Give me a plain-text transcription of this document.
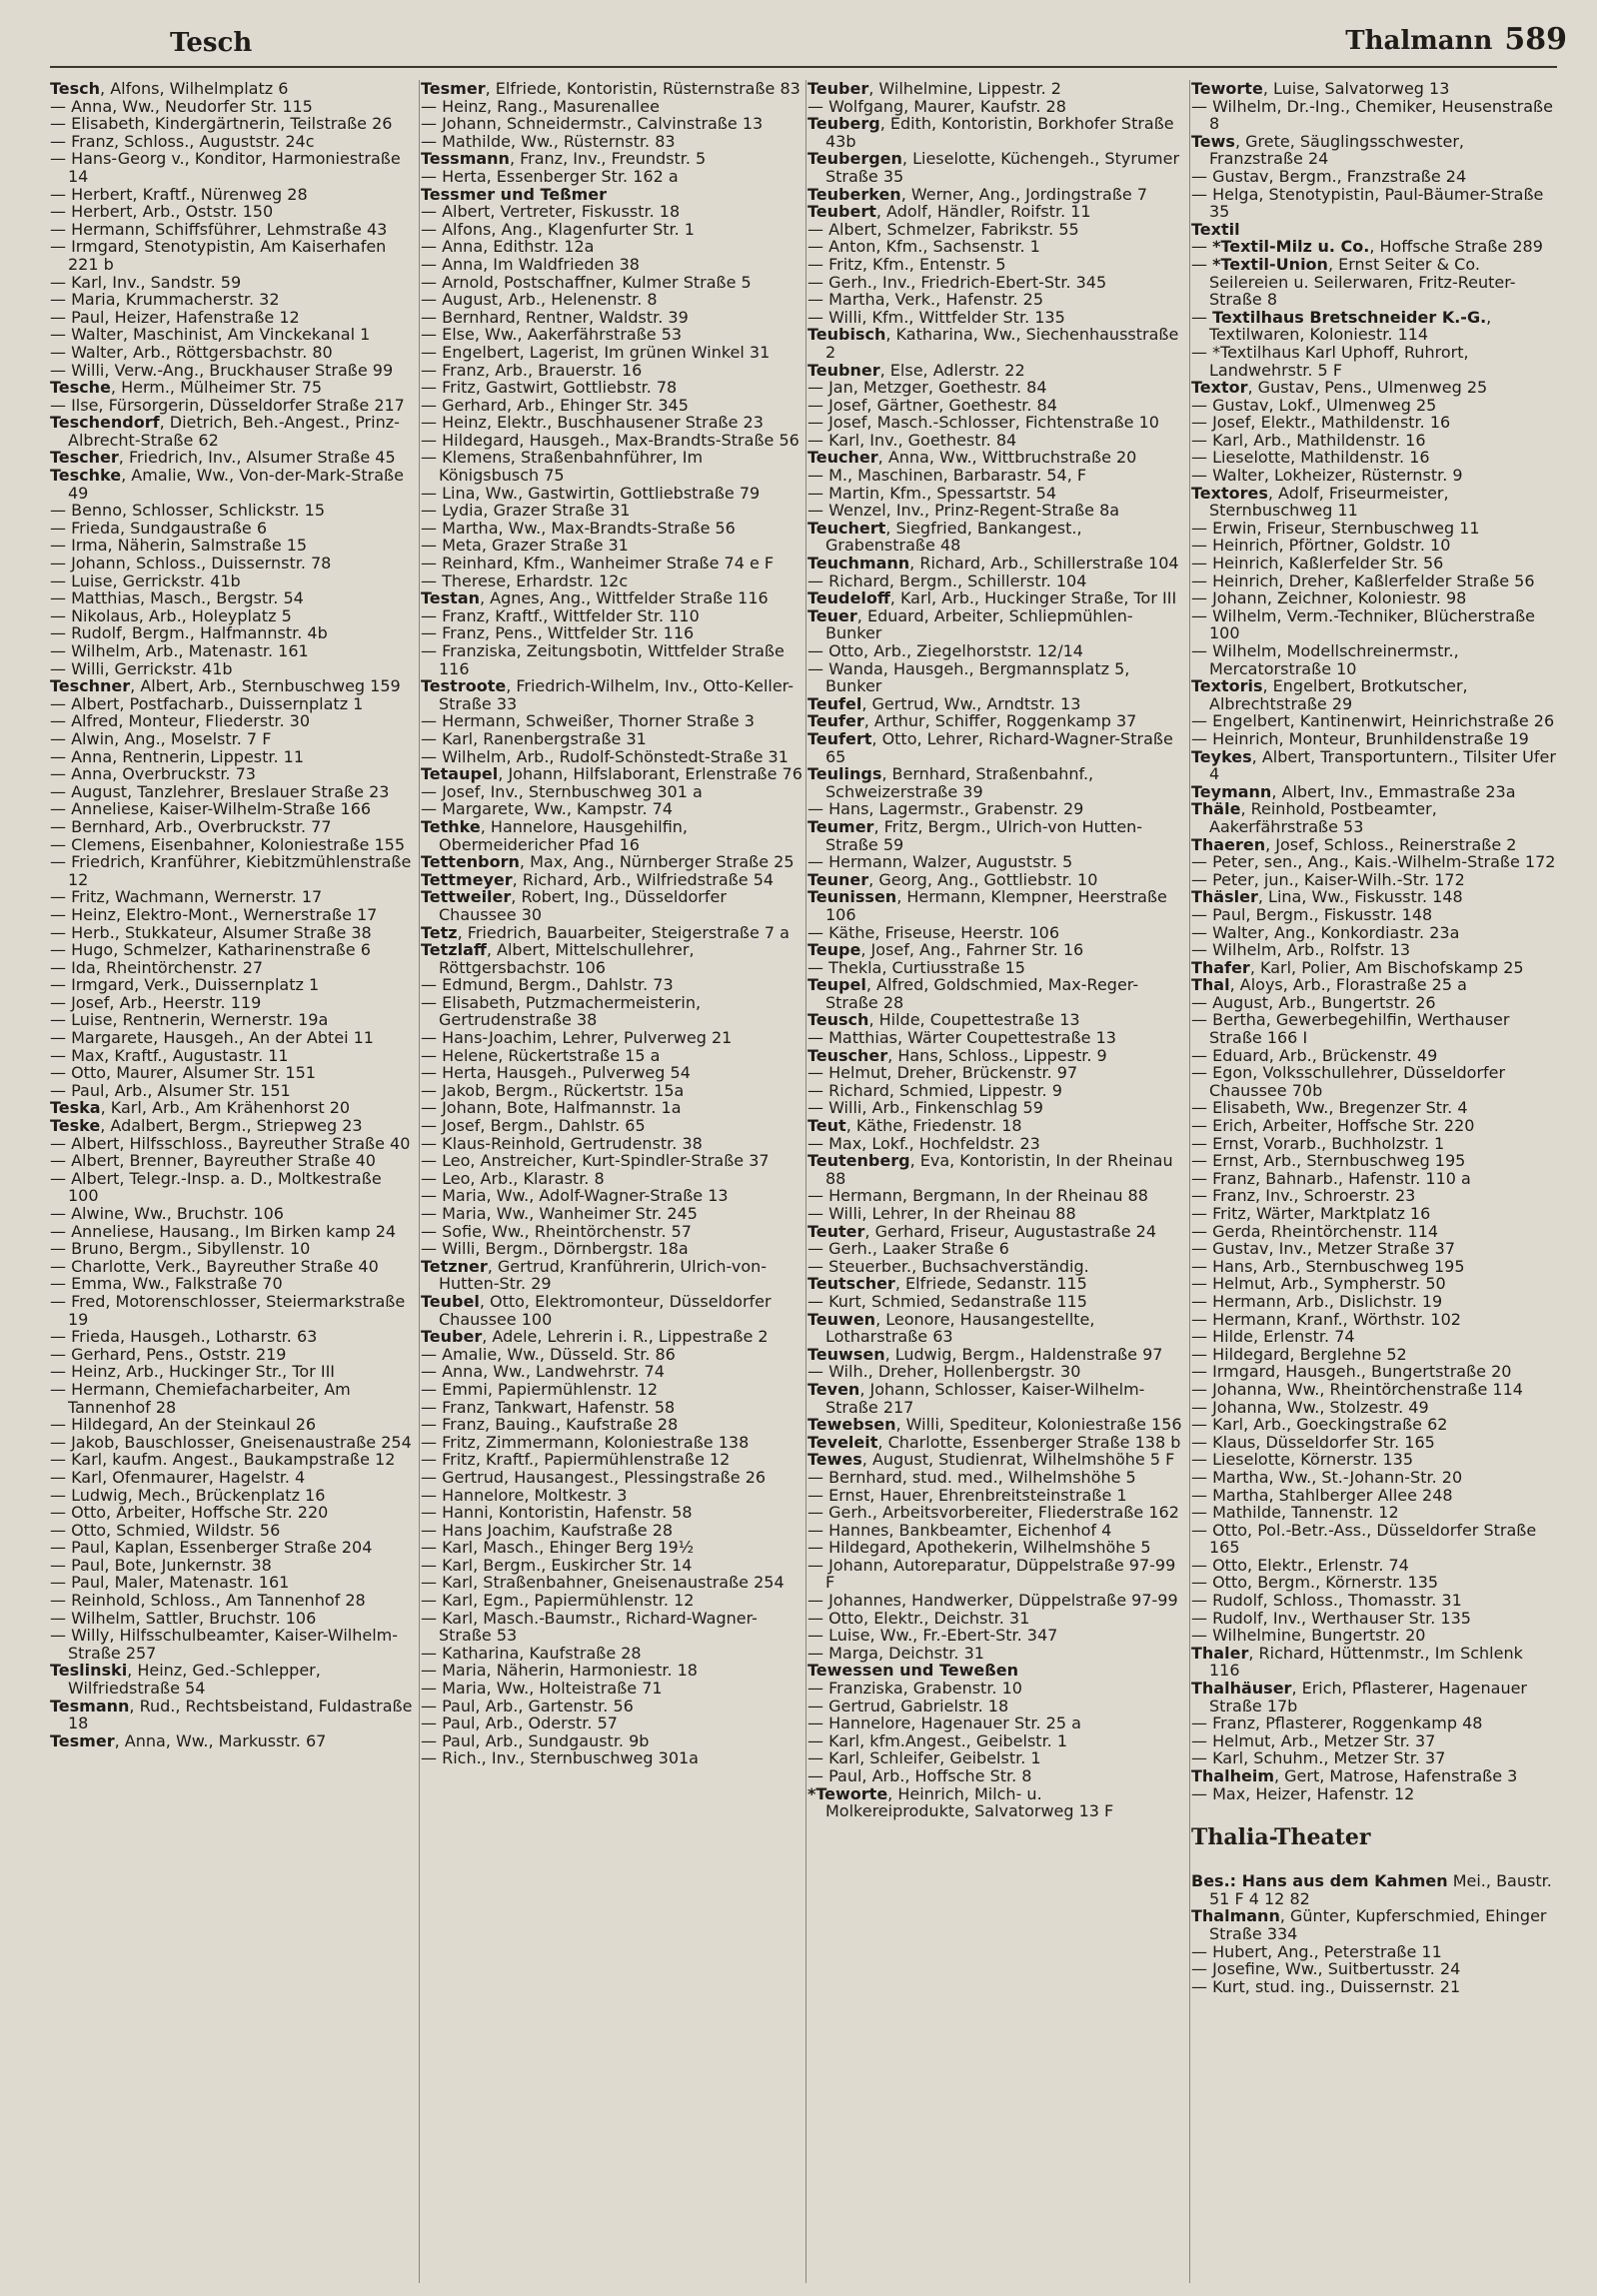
Tesch	Thalmann 589

Tesch, Alfons, Wilhelmplatz 6

— Anna, Ww., Neudorfer Str. 115

— Elisabeth, Kindergärtnerin, Teilstraße 26

— Franz, Schloss., Auguststr. 24c

— Hans-Georg v., Konditor, Harmoniestraße 14

— Herbert, Kraftf., Nürenweg 28

— Herbert, Arb., Oststr. 150

— Hermann, Schiffsführer, Lehmstraße 43

— Irmgard, Stenotypistin, Am Kaiserhafen 221 b

— Karl, Inv., Sandstr. 59

— Maria, Krummacherstr. 32

— Paul, Heizer, Hafenstraße 12

— Walter, Maschinist, Am Vinckekanal 1

— Walter, Arb., Röttgersbachstr. 80

— Willi, Verw.-Ang., Bruckhauser Straße 99

Tesche, Herm., Mülheimer Str. 75

— Ilse, Fürsorgerin, Düsseldorfer Straße 217

Teschendorf, Dietrich, Beh.-Angest., Prinz-Albrecht-Straße 62

Tescher, Friedrich, Inv., Alsumer Straße 45

Teschke, Amalie, Ww., Von-der-Mark-Straße 49

— Benno, Schlosser, Schlickstr. 15

— Frieda, Sundgaustraße 6

— Irma, Näherin, Salmstraße 15

— Johann, Schloss., Duissernstr. 78

— Luise, Gerrickstr. 41b

— Matthias, Masch., Bergstr. 54

— Nikolaus, Arb., Holeyplatz 5

— Rudolf, Bergm., Halfmannstr. 4b

— Wilhelm, Arb., Matenastr. 161

— Willi, Gerrickstr. 41b

Teschner, Albert, Arb., Sternbuschweg 159

— Albert, Postfacharb., Duissernplatz 1

— Alfred, Monteur, Fliederstr. 30

— Alwin, Ang., Moselstr. 7 F

— Anna, Rentnerin, Lippestr. 11

— Anna, Overbruckstr. 73

— August, Tanzlehrer, Breslauer Straße 23

— Anneliese, Kaiser-Wilhelm-Straße 166

— Bernhard, Arb., Overbruckstr. 77

— Clemens, Eisenbahner, Koloniestraße 155

— Friedrich, Kranführer, Kiebitzmühlenstraße 12

— Fritz, Wachmann, Wernerstr. 17

— Heinz, Elektro-Mont., Wernerstraße 17

— Herb., Stukkateur, Alsumer Straße 38

— Hugo, Schmelzer, Katharinenstraße 6

— Ida, Rheintörchenstr. 27

— Irmgard, Verk., Duissernplatz 1

— Josef, Arb., Heerstr. 119

— Luise, Rentnerin, Wernerstr. 19a

— Margarete, Hausgeh., An der Abtei 11

— Max, Kraftf., Augustastr. 11

— Otto, Maurer, Alsumer Str. 151

— Paul, Arb., Alsumer Str. 151

Teska, Karl, Arb., Am Krähenhorst 20

Teske, Adalbert, Bergm., Striepweg 23

— Albert, Hilfsschloss., Bayreuther Straße 40

— Albert, Brenner, Bayreuther Straße 40

— Albert, Telegr.-Insp. a. D., Moltkestraße 100

— Alwine, Ww., Bruchstr. 106

— Anneliese, Hausang., Im Birken kamp 24

— Bruno, Bergm., Sibyllenstr. 10

— Charlotte, Verk., Bayreuther Straße 40

— Emma, Ww., Falkstraße 70

— Fred, Motorenschlosser, Steiermarkstraße 19

— Frieda, Hausgeh., Lotharstr. 63

— Gerhard, Pens., Oststr. 219

— Heinz, Arb., Huckinger Str., Tor III

— Hermann, Chemiefacharbeiter, Am Tannenhof 28

— Hildegard, An der Steinkaul 26

— Jakob, Bauschlosser, Gneisenaustraße 254

— Karl, kaufm. Angest., Baukampstraße 12

— Karl, Ofenmaurer, Hagelstr. 4

— Ludwig, Mech., Brückenplatz 16

— Otto, Arbeiter, Hoffsche Str. 220

— Otto, Schmied, Wildstr. 56

— Paul, Kaplan, Essenberger Straße 204

— Paul, Bote, Junkernstr. 38

— Paul, Maler, Matenastr. 161

— Reinhold, Schloss., Am Tannenhof 28

— Wilhelm, Sattler, Bruchstr. 106

— Willy, Hilfsschulbeamter, Kaiser-Wilhelm-Straße 257

Teslinski, Heinz, Ged.-Schlepper, Wilfriedstraße 54

Tesmann, Rud., Rechtsbeistand, Fuldastraße 18

Tesmer, Anna, Ww., Markusstr. 67

Tesmer, Elfriede, Kontoristin, Rüsternstraße 83

— Heinz, Rang., Masurenallee

— Johann, Schneidermstr., Calvinstraße 13

— Mathilde, Ww., Rüsternstr. 83

Tessmann, Franz, Inv., Freundstr. 5

— Herta, Essenberger Str. 162 a

Tessmer und Teßmer

— Albert, Vertreter, Fiskusstr. 18

— Alfons, Ang., Klagenfurter Str. 1

— Anna, Edithstr. 12a

— Anna, Im Waldfrieden 38

— Arnold, Postschaffner, Kulmer Straße 5

— August, Arb., Helenenstr. 8

— Bernhard, Rentner, Waldstr. 39

— Else, Ww., Aakerfährstraße 53

— Engelbert, Lagerist, Im grünen Winkel 31

— Franz, Arb., Brauerstr. 16

— Fritz, Gastwirt, Gottliebstr. 78

— Gerhard, Arb., Ehinger Str. 345

— Heinz, Elektr., Buschhausener Straße 23

— Hildegard, Hausgeh., Max-Brandts-Straße 56

— Klemens, Straßenbahnführer, Im Königsbusch 75

— Lina, Ww., Gastwirtin, Gottliebstraße 79

— Lydia, Grazer Straße 31

— Martha, Ww., Max-Brandts-Straße 56

— Meta, Grazer Straße 31

— Reinhard, Kfm., Wanheimer Straße 74 e F

— Therese, Erhardstr. 12c

Testan, Agnes, Ang., Wittfelder Straße 116

— Franz, Kraftf., Wittfelder Str. 110

— Franz, Pens., Wittfelder Str. 116

— Franziska, Zeitungsbotin, Wittfelder Straße 116

Testroote, Friedrich-Wilhelm, Inv., Otto-Keller-Straße 33

— Hermann, Schweißer, Thorner Straße 3

— Karl, Ranenbergstraße 31

— Wilhelm, Arb., Rudolf-Schönstedt-Straße 31

Tetaupel, Johann, Hilfslaborant, Erlenstraße 76

— Josef, Inv., Sternbuschweg 301 a

— Margarete, Ww., Kampstr. 74

Tethke, Hannelore, Hausgehilfin, Obermeidericher Pfad 16

Tettenborn, Max, Ang., Nürnberger Straße 25

Tettmeyer, Richard, Arb., Wilfriedstraße 54

Tettweiler, Robert, Ing., Düsseldorfer Chaussee 30

Tetz, Friedrich, Bauarbeiter, Steigerstraße 7 a

Tetzlaff, Albert, Mittelschullehrer, Röttgersbachstr. 106

— Edmund, Bergm., Dahlstr. 73

— Elisabeth, Putzmachermeisterin, Gertrudenstraße 38

— Hans-Joachim, Lehrer, Pulverweg 21

— Helene, Rückertstraße 15 a

— Herta, Hausgeh., Pulverweg 54

— Jakob, Bergm., Rückertstr. 15a

— Johann, Bote, Halfmannstr. 1a

— Josef, Bergm., Dahlstr. 65

— Klaus-Reinhold, Gertrudenstr. 38

— Leo, Anstreicher, Kurt-Spindler-Straße 37

— Leo, Arb., Klarastr. 8

— Maria, Ww., Adolf-Wagner-Straße 13

— Maria, Ww., Wanheimer Str. 245

— Sofie, Ww., Rheintörchenstr. 57

— Willi, Bergm., Dörnbergstr. 18a

Tetzner, Gertrud, Kranführerin, Ulrich-von-Hutten-Str. 29

Teubel, Otto, Elektromonteur, Düsseldorfer Chaussee 100

Teuber, Adele, Lehrerin i. R., Lippestraße 2

— Amalie, Ww., Düsseld. Str. 86

— Anna, Ww., Landwehrstr. 74

— Emmi, Papiermühlenstr. 12

— Franz, Tankwart, Hafenstr. 58

— Franz, Bauing., Kaufstraße 28

— Fritz, Zimmermann, Koloniestraße 138

— Fritz, Kraftf., Papiermühlenstraße 12

— Gertrud, Hausangest., Plessingstraße 26

— Hannelore, Moltkestr. 3

— Hanni, Kontoristin, Hafenstr. 58

— Hans Joachim, Kaufstraße 28

— Karl, Masch., Ehinger Berg 19½

— Karl, Bergm., Euskircher Str. 14

— Karl, Straßenbahner, Gneisenaustraße 254

— Karl, Egm., Papiermühlenstr. 12

— Karl, Masch.-Baumstr., Richard-Wagner-Straße 53

— Katharina, Kaufstraße 28

— Maria, Näherin, Harmoniestr. 18

— Maria, Ww., Holteistraße 71

— Paul, Arb., Gartenstr. 56

— Paul, Arb., Oderstr. 57

— Paul, Arb., Sundgaustr. 9b

— Rich., Inv., Sternbuschweg 301a

Teuber, Wilhelmine, Lippestr. 2

— Wolfgang, Maurer, Kaufstr. 28

Teuberg, Edith, Kontoristin, Borkhofer Straße 43b

Teubergen, Lieselotte, Küchengeh., Styrumer Straße 35

Teuberken, Werner, Ang., Jordingstraße 7

Teubert, Adolf, Händler, Roifstr. 11

— Albert, Schmelzer, Fabrikstr. 55

— Anton, Kfm., Sachsenstr. 1

— Fritz, Kfm., Entenstr. 5

— Gerh., Inv., Friedrich-Ebert-Str. 345

— Martha, Verk., Hafenstr. 25

— Willi, Kfm., Wittfelder Str. 135

Teubisch, Katharina, Ww., Siechenhausstraße 2

Teubner, Else, Adlerstr. 22

— Jan, Metzger, Goethestr. 84

— Josef, Gärtner, Goethestr. 84

— Josef, Masch.-Schlosser, Fichtenstraße 10

— Karl, Inv., Goethestr. 84

Teucher, Anna, Ww., Wittbruchstraße 20

— M., Maschinen, Barbarastr. 54, F

— Martin, Kfm., Spessartstr. 54

— Wenzel, Inv., Prinz-Regent-Straße 8a

Teuchert, Siegfried, Bankangest., Grabenstraße 48

Teuchmann, Richard, Arb., Schillerstraße 104

— Richard, Bergm., Schillerstr. 104

Teudeloff, Karl, Arb., Huckinger Straße, Tor III

Teuer, Eduard, Arbeiter, Schliepmühlen-Bunker

— Otto, Arb., Ziegelhorststr. 12/14

— Wanda, Hausgeh., Bergmannsplatz 5, Bunker

Teufel, Gertrud, Ww., Arndtstr. 13

Teufer, Arthur, Schiffer, Roggenkamp 37

Teufert, Otto, Lehrer, Richard-Wagner-Straße 65

Teulings, Bernhard, Straßenbahnf., Schweizerstraße 39

— Hans, Lagermstr., Grabenstr. 29

Teumer, Fritz, Bergm., Ulrich-von Hutten-Straße 59

— Hermann, Walzer, Auguststr. 5

Teuner, Georg, Ang., Gottliebstr. 10

Teunissen, Hermann, Klempner, Heerstraße 106

— Käthe, Friseuse, Heerstr. 106

Teupe, Josef, Ang., Fahrner Str. 16

— Thekla, Curtiusstraße 15

Teupel, Alfred, Goldschmied, Max-Reger-Straße 28

Teusch, Hilde, Coupettestraße 13

— Matthias, Wärter Coupettestraße 13

Teuscher, Hans, Schloss., Lippestr. 9

— Helmut, Dreher, Brückenstr. 97

— Richard, Schmied, Lippestr. 9

— Willi, Arb., Finkenschlag 59

Teut, Käthe, Friedenstr. 18

— Max, Lokf., Hochfeldstr. 23

Teutenberg, Eva, Kontoristin, In der Rheinau 88

— Hermann, Bergmann, In der Rheinau 88

— Willi, Lehrer, In der Rheinau 88

Teuter, Gerhard, Friseur, Augustastraße 24

— Gerh., Laaker Straße 6

— Steuerber., Buchsachverständig.

Teutscher, Elfriede, Sedanstr. 115

— Kurt, Schmied, Sedanstraße 115

Teuwen, Leonore, Hausangestellte, Lotharstraße 63

Teuwsen, Ludwig, Bergm., Haldenstraße 97

— Wilh., Dreher, Hollenbergstr. 30

Teven, Johann, Schlosser, Kaiser-Wilhelm-Straße 217

Tewebsen, Willi, Spediteur, Koloniestraße 156

Teveleit, Charlotte, Essenberger Straße 138 b

Tewes, August, Studienrat, Wilhelmshöhe 5 F

— Bernhard, stud. med., Wilhelmshöhe 5

— Ernst, Hauer, Ehrenbreitsteinstraße 1

— Gerh., Arbeitsvorbereiter, Fliederstraße 162

— Hannes, Bankbeamter, Eichenhof 4

— Hildegard, Apothekerin, Wilhelmshöhe 5

— Johann, Autoreparatur, Düppelstraße 97-99 F

— Johannes, Handwerker, Düppelstraße 97-99

— Otto, Elektr., Deichstr. 31

— Luise, Ww., Fr.-Ebert-Str. 347

— Marga, Deichstr. 31

Tewessen und Teweßen

— Franziska, Grabenstr. 10

— Gertrud, Gabrielstr. 18

— Hannelore, Hagenauer Str. 25 a

— Karl, kfm.Angest., Geibelstr. 1

— Karl, Schleifer, Geibelstr. 1

— Paul, Arb., Hoffsche Str. 8

*Teworte, Heinrich, Milch- u. Molkereiprodukte, Salvatorweg 13 F

Teworte, Luise, Salvatorweg 13

— Wilhelm, Dr.-Ing., Chemiker, Heusenstraße 8

Tews, Grete, Säuglingsschwester, Franzstraße 24

— Gustav, Bergm., Franzstraße 24

— Helga, Stenotypistin, Paul-Bäumer-Straße 35

Textil

— *Textil-Milz u. Co., Hoffsche Straße 289

— *Textil-Union, Ernst Seiter & Co. Seilereien u. Seilerwaren, Fritz-Reuter-Straße 8

— Textilhaus Bretschneider K.-G., Textilwaren, Koloniestr. 114

— *Textilhaus Karl Uphoff, Ruhrort, Landwehrstr. 5 F

Textor, Gustav, Pens., Ulmenweg 25

— Gustav, Lokf., Ulmenweg 25

— Josef, Elektr., Mathildenstr. 16

— Karl, Arb., Mathildenstr. 16

— Lieselotte, Mathildenstr. 16

— Walter, Lokheizer, Rüsternstr. 9

Textores, Adolf, Friseurmeister, Sternbuschweg 11

— Erwin, Friseur, Sternbuschweg 11

— Heinrich, Pförtner, Goldstr. 10

— Heinrich, Kaßlerfelder Str. 56

— Heinrich, Dreher, Kaßlerfelder Straße 56

— Johann, Zeichner, Koloniestr. 98

— Wilhelm, Verm.-Techniker, Blücherstraße 100

— Wilhelm, Modellschreinermstr., Mercatorstraße 10

Textoris, Engelbert, Brotkutscher, Albrechtstraße 29

— Engelbert, Kantinenwirt, Heinrichstraße 26

— Heinrich, Monteur, Brunhildenstraße 19

Teykes, Albert, Transportuntern., Tilsiter Ufer 4

Teymann, Albert, Inv., Emmastraße 23a

Thäle, Reinhold, Postbeamter, Aakerfährstraße 53

Thaeren, Josef, Schloss., Reinerstraße 2

— Peter, sen., Ang., Kais.-Wilhelm-Straße 172

— Peter, jun., Kaiser-Wilh.-Str. 172

Thäsler, Lina, Ww., Fiskusstr. 148

— Paul, Bergm., Fiskusstr. 148

— Walter, Ang., Konkordiastr. 23a

— Wilhelm, Arb., Rolfstr. 13

Thafer, Karl, Polier, Am Bischofskamp 25

Thal, Aloys, Arb., Florastraße 25 a

— August, Arb., Bungertstr. 26

— Bertha, Gewerbegehilfin, Werthauser Straße 166 I

— Eduard, Arb., Brückenstr. 49

— Egon, Volksschullehrer, Düsseldorfer Chaussee 70b

— Elisabeth, Ww., Bregenzer Str. 4

— Erich, Arbeiter, Hoffsche Str. 220

— Ernst, Vorarb., Buchholzstr. 1

— Ernst, Arb., Sternbuschweg 195

— Franz, Bahnarb., Hafenstr. 110 a

— Franz, Inv., Schroerstr. 23

— Fritz, Wärter, Marktplatz 16

— Gerda, Rheintörchenstr. 114

— Gustav, Inv., Metzer Straße 37

— Hans, Arb., Sternbuschweg 195

— Helmut, Arb., Sympherstr. 50

— Hermann, Arb., Dislichstr. 19

— Hermann, Kranf., Wörthstr. 102

— Hilde, Erlenstr. 74

— Hildegard, Berglehne 52

— Irmgard, Hausgeh., Bungertstraße 20

— Johanna, Ww., Rheintörchenstraße 114

— Johanna, Ww., Stolzestr. 49

— Karl, Arb., Goeckingstraße 62

— Klaus, Düsseldorfer Str. 165

— Lieselotte, Körnerstr. 135

— Martha, Ww., St.-Johann-Str. 20

— Martha, Stahlberger Allee 248

— Mathilde, Tannenstr. 12

— Otto, Pol.-Betr.-Ass., Düsseldorfer Straße 165

— Otto, Elektr., Erlenstr. 74

— Otto, Bergm., Körnerstr. 135

— Rudolf, Schloss., Thomasstr. 31

— Rudolf, Inv., Werthauser Str. 135

— Wilhelmine, Bungertstr. 20

Thaler, Richard, Hüttenmstr., Im Schlenk 116

Thalhäuser, Erich, Pflasterer, Hagenauer Straße 17b

— Franz, Pflasterer, Roggenkamp 48

— Helmut, Arb., Metzer Str. 37

— Karl, Schuhm., Metzer Str. 37

Thalheim, Gert, Matrose, Hafenstraße 3

— Max, Heizer, Hafenstr. 12

Thalia-Theater

Bes.: Hans aus dem Kahmen Mei., Baustr. 51 F 4 12 82

Thalmann, Günter, Kupferschmied, Ehinger Straße 334

— Hubert, Ang., Peterstraße 11

— Josefine, Ww., Suitbertusstr. 24

— Kurt, stud. ing., Duissernstr. 21
